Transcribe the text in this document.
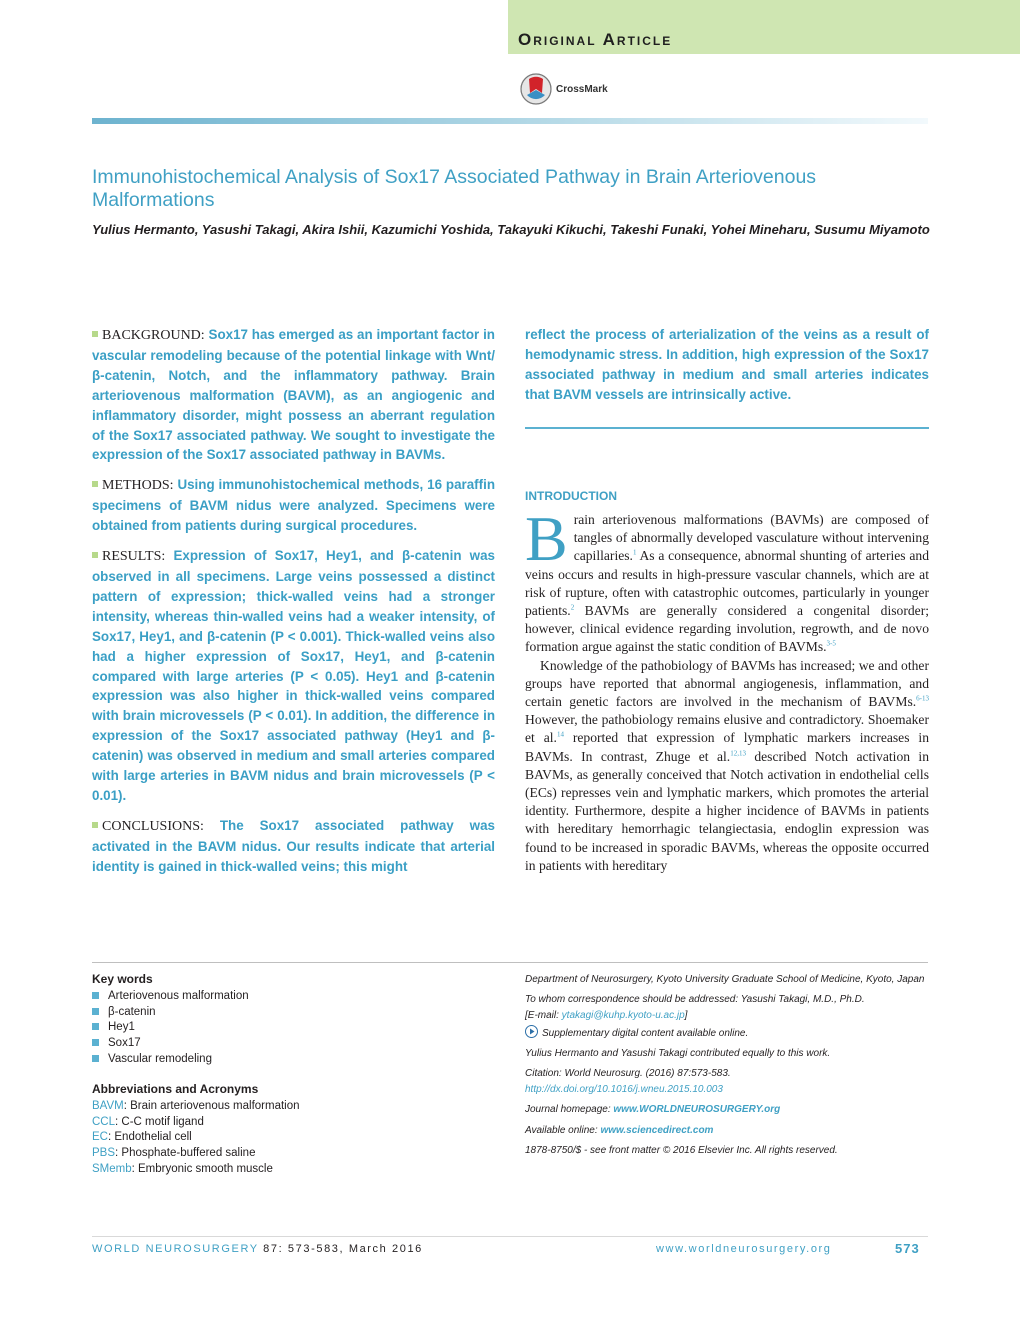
Original Article
CrossMark
Immunohistochemical Analysis of Sox17 Associated Pathway in Brain Arteriovenous Malformations
Yulius Hermanto, Yasushi Takagi, Akira Ishii, Kazumichi Yoshida, Takayuki Kikuchi, Takeshi Funaki, Yohei Mineharu, Susumu Miyamoto

BACKGROUND: Sox17 has emerged as an important factor in vascular remodeling because of the potential linkage with Wnt/β-catenin, Notch, and the inflammatory pathway. Brain arteriovenous malformation (BAVM), as an angiogenic and inflammatory disorder, might possess an aberrant regulation of the Sox17 associated pathway. We sought to investigate the expression of the Sox17 associated pathway in BAVMs.

METHODS: Using immunohistochemical methods, 16 paraffin specimens of BAVM nidus were analyzed. Specimens were obtained from patients during surgical procedures.

RESULTS: Expression of Sox17, Hey1, and β-catenin was observed in all specimens. Large veins possessed a distinct pattern of expression; thick-walled veins had a stronger intensity, whereas thin-walled veins had a weaker intensity, of Sox17, Hey1, and β-catenin (P < 0.001). Thick-walled veins also had a higher expression of Sox17, Hey1, and β-catenin compared with large arteries (P < 0.05). Hey1 and β-catenin expression was also higher in thick-walled veins compared with brain microvessels (P < 0.01). In addition, the difference in expression of the Sox17 associated pathway (Hey1 and β-catenin) was observed in medium and small arteries compared with large arteries in BAVM nidus and brain microvessels (P < 0.01).

CONCLUSIONS: The Sox17 associated pathway was activated in the BAVM nidus. Our results indicate that arterial identity is gained in thick-walled veins; this might

reflect the process of arterialization of the veins as a result of hemodynamic stress. In addition, high expression of the Sox17 associated pathway in medium and small arteries indicates that BAVM vessels are intrinsically active.

INTRODUCTION

Brain arteriovenous malformations (BAVMs) are composed of tangles of abnormally developed vasculature without intervening capillaries.$^1$ As a consequence, abnormal shunting of arteries and veins occurs and results in high-pressure vascular channels, which are at risk of rupture, often with catastrophic outcomes, particularly in younger patients.$^2$ BAVMs are generally considered a congenital disorder; however, clinical evidence regarding involution, regrowth, and de novo formation argue against the static condition of BAVMs.$^{3-5}$

Knowledge of the pathobiology of BAVMs has increased; we and other groups have reported that abnormal angiogenesis, inflammation, and certain genetic factors are involved in the mechanism of BAVMs.$^{6-13}$ However, the pathobiology remains elusive and contradictory. Shoemaker et al.$^{14}$ reported that expression of lymphatic markers increases in BAVMs. In contrast, Zhuge et al.$^{12,13}$ described Notch activation in BAVMs, as generally conceived that Notch activation in endothelial cells (ECs) represses vein and lymphatic markers, which promotes the arterial identity. Furthermore, despite a higher incidence of BAVMs in patients with hereditary hemorrhagic telangiectasia, endoglin expression was found to be increased in sporadic BAVMs, whereas the opposite occurred in patients with hereditary

Key words
Arteriovenous malformation
β-catenin
Hey1
Sox17
Vascular remodeling
Abbreviations and Acronyms
BAVM: Brain arteriovenous malformation
CCL: C-C motif ligand
EC: Endothelial cell
PBS: Phosphate-buffered saline
SMemb: Embryonic smooth muscle
Department of Neurosurgery, Kyoto University Graduate School of Medicine, Kyoto, Japan
To whom correspondence should be addressed: Yasushi Takagi, M.D., Ph.D.
[E-mail: ytakagi@kuhp.kyoto-u.ac.jp]
Supplementary digital content available online.
Yulius Hermanto and Yasushi Takagi contributed equally to this work.
Citation: World Neurosurg. (2016) 87:573-583.
http://dx.doi.org/10.1016/j.wneu.2015.10.003
Journal homepage: www.WORLDNEUROSURGERY.org
Available online: www.sciencedirect.com
1878-8750/$ - see front matter © 2016 Elsevier Inc. All rights reserved.
WORLD NEUROSURGERY 87: 573-583, March 2016	www.worldneurosurgery.org	573
